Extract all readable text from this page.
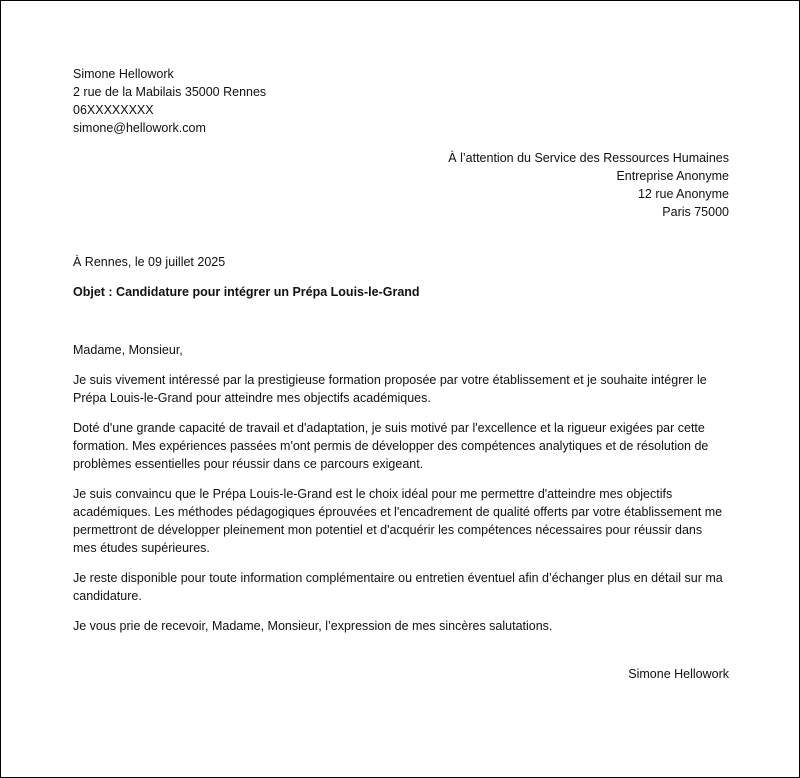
Simone Hellowork
2 rue de la Mabilais 35000 Rennes
06XXXXXXXX
simone@hellowork.com
À l’attention du Service des Ressources Humaines
Entreprise Anonyme
12 rue Anonyme
Paris 75000
À Rennes, le 09 juillet 2025
Objet : Candidature pour intégrer un Prépa Louis-le-Grand
Madame, Monsieur,
Je suis vivement intéressé par la prestigieuse formation proposée par votre établissement et je souhaite intégrer le Prépa Louis-le-Grand pour atteindre mes objectifs académiques.
Doté d'une grande capacité de travail et d'adaptation, je suis motivé par l'excellence et la rigueur exigées par cette formation. Mes expériences passées m'ont permis de développer des compétences analytiques et de résolution de problèmes essentielles pour réussir dans ce parcours exigeant.
Je suis convaincu que le Prépa Louis-le-Grand est le choix idéal pour me permettre d'atteindre mes objectifs académiques. Les méthodes pédagogiques éprouvées et l'encadrement de qualité offerts par votre établissement me permettront de développer pleinement mon potentiel et d'acquérir les compétences nécessaires pour réussir dans mes études supérieures.
Je reste disponible pour toute information complémentaire ou entretien éventuel afin d’échanger plus en détail sur ma candidature.
Je vous prie de recevoir, Madame, Monsieur, l’expression de mes sincères salutations.
Simone Hellowork
